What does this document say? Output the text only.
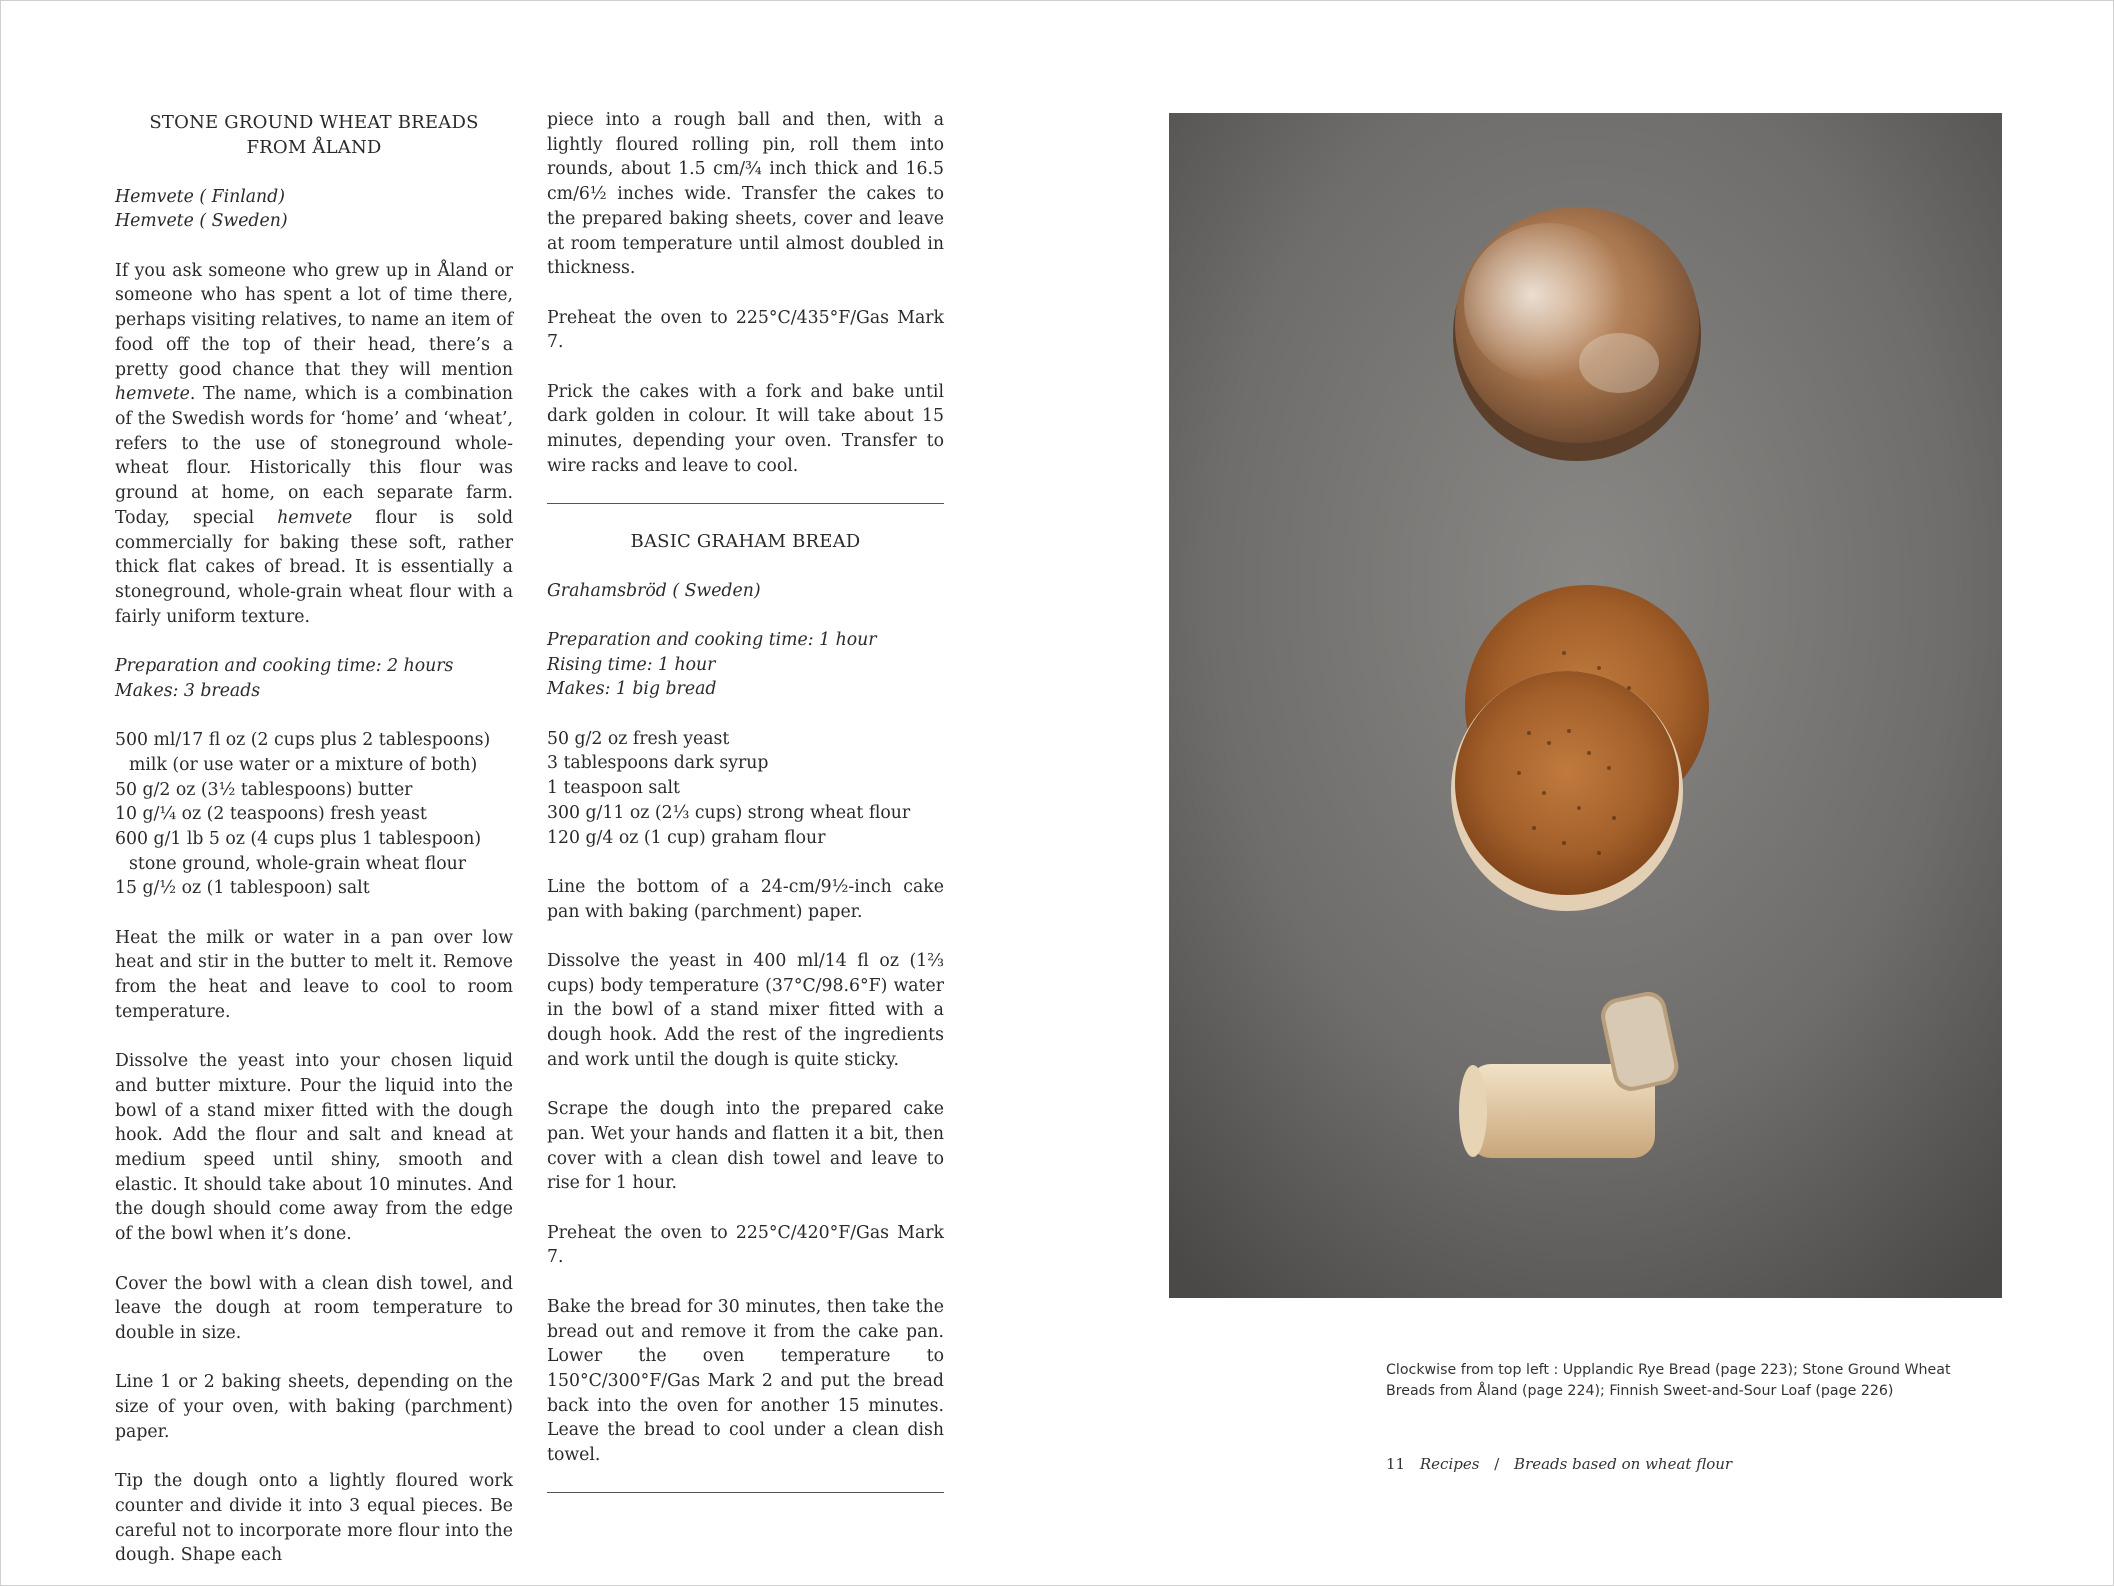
STONE GROUND WHEAT BREADS
FROM ÅLAND
Hemvete ( Finland)
Hemvete ( Sweden)

If you ask someone who grew up in Åland or someone who has spent a lot of time there, perhaps visiting relatives, to name an item of food off the top of their head, there’s a pretty good chance that they will mention hemvete. The name, which is a combination of the Swedish words for ‘home’ and ‘wheat’, refers to the use of stoneground whole-wheat flour. Historically this flour was ground at home, on each separate farm. Today, special hemvete flour is sold commercially for baking these soft, rather thick flat cakes of bread. It is essentially a stoneground, whole-grain wheat flour with a fairly uniform texture.

Preparation and cooking time: 2 hours
Makes: 3 breads
500 ml/17 fl oz (2 cups plus 2 tablespoons)
milk (or use water or a mixture of both)
50 g/2 oz (3½ tablespoons) butter
10 g/¼ oz (2 teaspoons) fresh yeast
600 g/1 lb 5 oz (4 cups plus 1 tablespoon)
stone ground, whole-grain wheat flour
15 g/½ oz (1 tablespoon) salt

Heat the milk or water in a pan over low heat and stir in the butter to melt it. Remove from the heat and leave to cool to room temperature.

Dissolve the yeast into your chosen liquid and butter mixture. Pour the liquid into the bowl of a stand mixer fitted with the dough hook. Add the flour and salt and knead at medium speed until shiny, smooth and elastic. It should take about 10 minutes. And the dough should come away from the edge of the bowl when it’s done.

Cover the bowl with a clean dish towel, and leave the dough at room temperature to double in size.

Line 1 or 2 baking sheets, depending on the size of your oven, with baking (parchment) paper.

Tip the dough onto a lightly floured work counter and divide it into 3 equal pieces. Be careful not to incorporate more flour into the dough. Shape each

piece into a rough ball and then, with a lightly floured rolling pin, roll them into rounds, about 1.5 cm/¾ inch thick and 16.5 cm/6½ inches wide. Transfer the cakes to the prepared baking sheets, cover and leave at room temperature until almost doubled in thickness.

Preheat the oven to 225°C/435°F/Gas Mark 7.

Prick the cakes with a fork and bake until dark golden in colour. It will take about 15 minutes, depending your oven. Transfer to wire racks and leave to cool.

BASIC GRAHAM BREAD
Grahamsbröd ( Sweden)
Preparation and cooking time: 1 hour
Rising time: 1 hour
Makes: 1 big bread
50 g/2 oz fresh yeast
3 tablespoons dark syrup
1 teaspoon salt
300 g/11 oz (2⅓ cups) strong wheat flour
120 g/4 oz (1 cup) graham flour

Line the bottom of a 24-cm/9½-inch cake pan with baking (parchment) paper.

Dissolve the yeast in 400 ml/14 fl oz (1⅔ cups) body temperature (37°C/98.6°F) water in the bowl of a stand mixer fitted with a dough hook. Add the rest of the ingredients and work until the dough is quite sticky.

Scrape the dough into the prepared cake pan. Wet your hands and flatten it a bit, then cover with a clean dish towel and leave to rise for 1 hour.

Preheat the oven to 225°C/420°F/Gas Mark 7.

Bake the bread for 30 minutes, then take the bread out and remove it from the cake pan. Lower the oven temperature to 150°C/300°F/Gas Mark 2 and put the bread back into the oven for another 15 minutes. Leave the bread to cool under a clean dish towel.

Clockwise from top left : Upplandic Rye Bread (page 223); Stone Ground Wheat Breads from Åland (page 224); Finnish Sweet-and-Sour Loaf (page 226)
11 Recipes / Breads based on wheat flour
